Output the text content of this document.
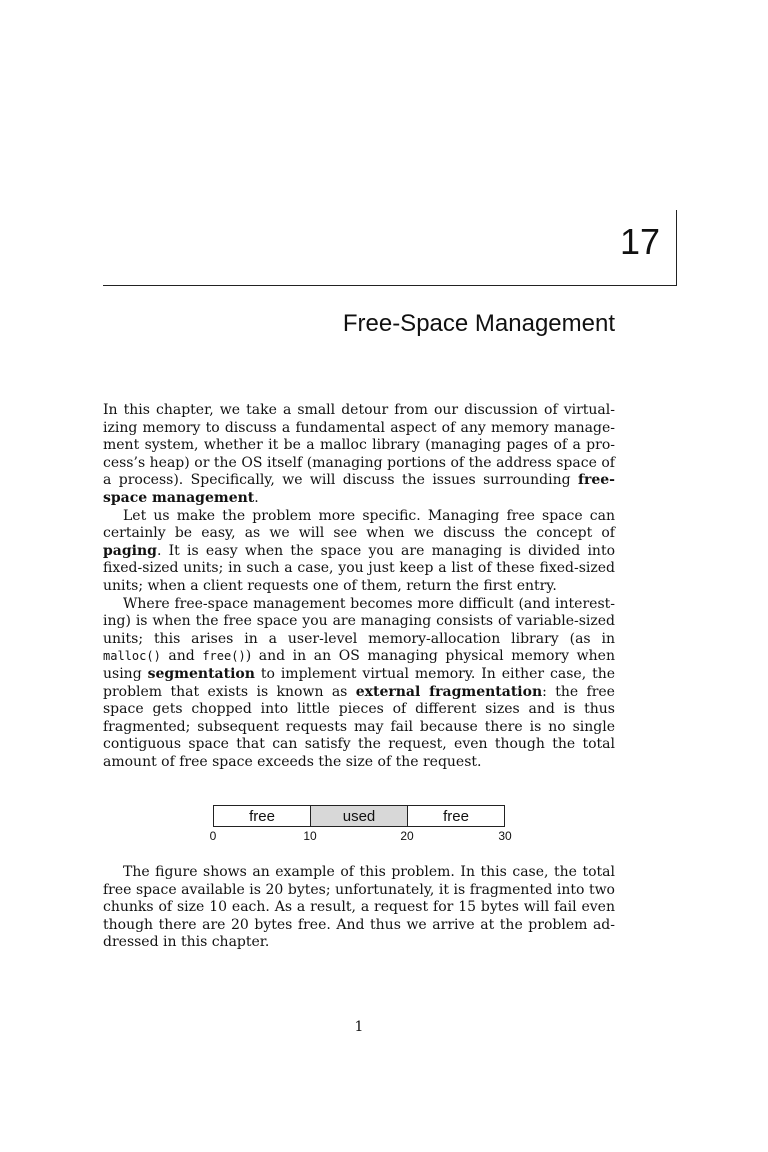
17
Free-Space Management

In this chapter, we take a small detour from our discussion of virtualizing memory to discuss a fundamental aspect of any memory management system, whether it be a malloc library (managing pages of a process’s heap) or the OS itself (managing portions of the address space of a process). Specifically, we will discuss the issues surrounding free-space management.

Let us make the problem more specific. Managing free space can certainly be easy, as we will see when we discuss the concept of paging. It is easy when the space you are managing is divided into fixed-sized units; in such a case, you just keep a list of these fixed-sized units; when a client requests one of them, return the first entry.

Where free-space management becomes more difficult (and interesting) is when the free space you are managing consists of variable-sized units; this arises in a user-level memory-allocation library (as in malloc() and free()) and in an OS managing physical memory when using segmentation to implement virtual memory. In either case, the problem that exists is known as external fragmentation: the free space gets chopped into little pieces of different sizes and is thus fragmented; subsequent requests may fail because there is no single contiguous space that can satisfy the request, even though the total amount of free space exceeds the size of the request.

free	used	free
0	10	20	30

The figure shows an example of this problem. In this case, the total free space available is 20 bytes; unfortunately, it is fragmented into two chunks of size 10 each. As a result, a request for 15 bytes will fail even though there are 20 bytes free. And thus we arrive at the problem addressed in this chapter.

1
